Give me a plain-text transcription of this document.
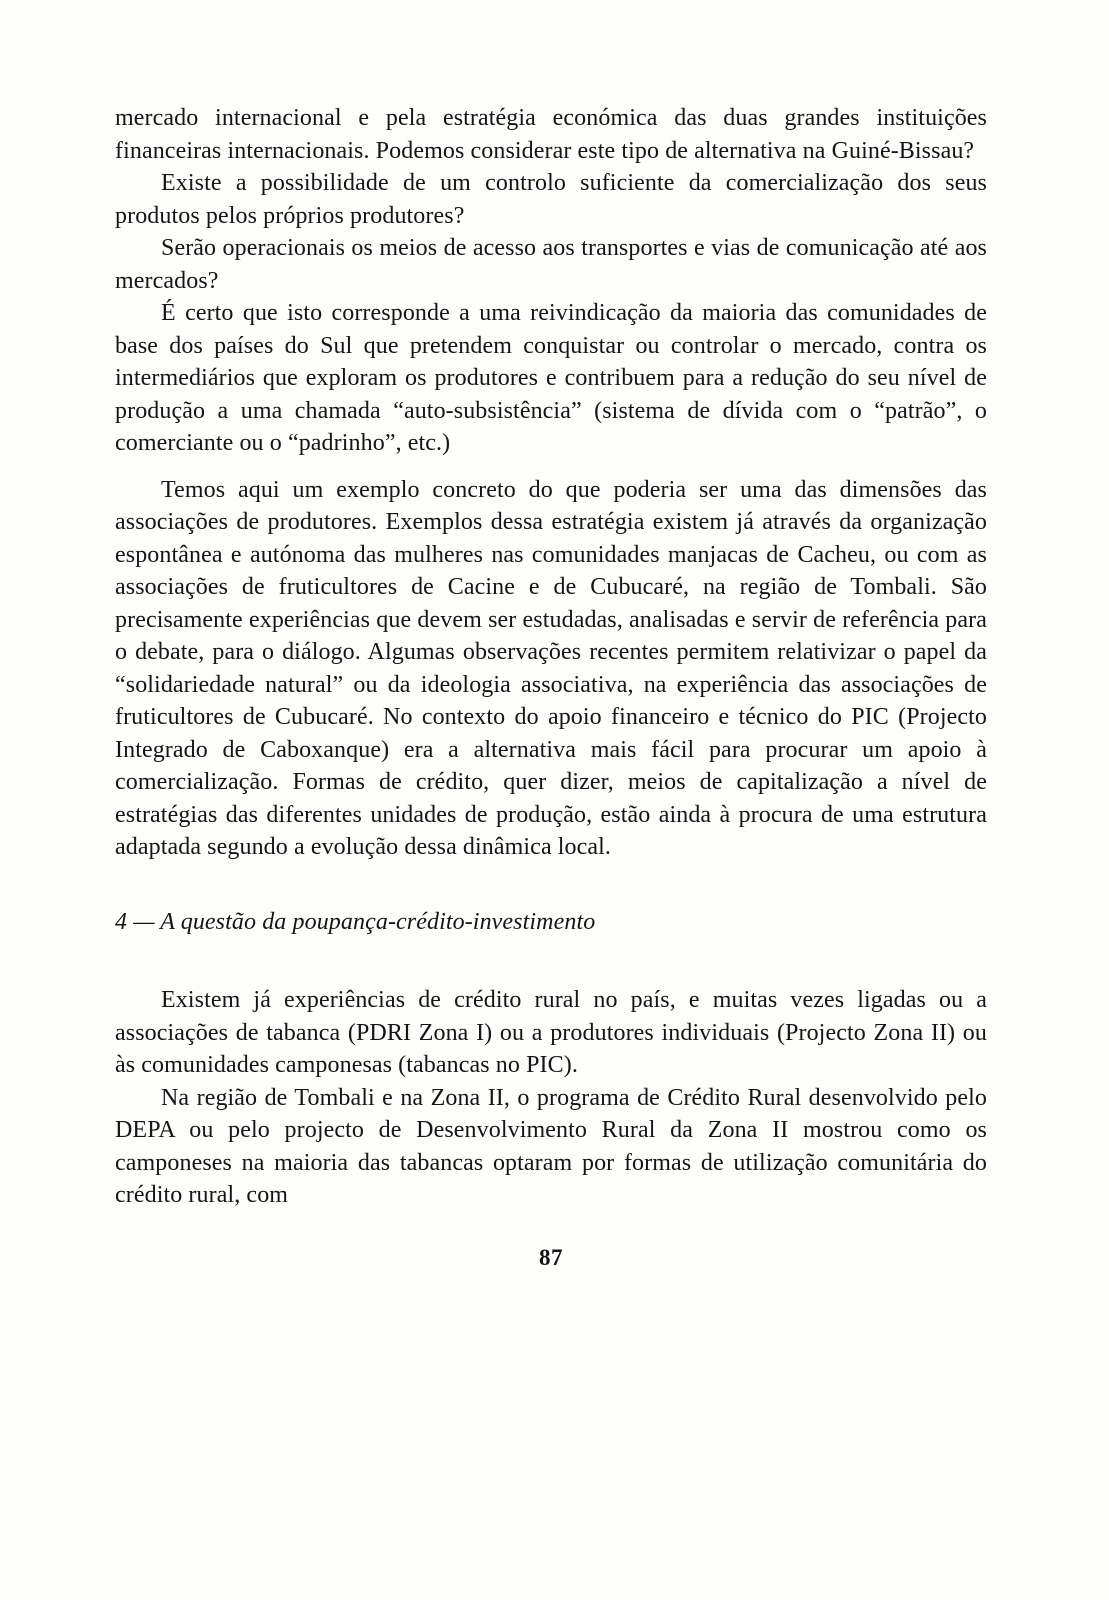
mercado internacional e pela estratégia económica das duas grandes instituições financeiras internacionais. Podemos considerar este tipo de alternativa na Guiné-Bissau?

Existe a possibilidade de um controlo suficiente da comercialização dos seus produtos pelos próprios produtores?

Serão operacionais os meios de acesso aos transportes e vias de comunicação até aos mercados?

É certo que isto corresponde a uma reivindicação da maioria das comunidades de base dos países do Sul que pretendem conquistar ou controlar o mercado, contra os intermediários que exploram os produtores e contribuem para a redução do seu nível de produção a uma chamada “auto-subsistência” (sistema de dívida com o “patrão”, o comerciante ou o “padrinho”, etc.)

Temos aqui um exemplo concreto do que poderia ser uma das dimensões das associações de produtores. Exemplos dessa estratégia existem já através da organização espontânea e autónoma das mulheres nas comunidades manjacas de Cacheu, ou com as associações de fruticultores de Cacine e de Cubucaré, na região de Tombali. São precisamente experiências que devem ser estudadas, analisadas e servir de referência para o debate, para o diálogo. Algumas observações recentes permitem relativizar o papel da “solidariedade natural” ou da ideologia associativa, na experiência das associações de fruticultores de Cubucaré. No contexto do apoio financeiro e técnico do PIC (Projecto Integrado de Caboxanque) era a alternativa mais fácil para procurar um apoio à comercialização. Formas de crédito, quer dizer, meios de capitalização a nível de estratégias das diferentes unidades de produção, estão ainda à procura de uma estrutura adaptada segundo a evolução dessa dinâmica local.

4 — A questão da poupança-crédito-investimento

Existem já experiências de crédito rural no país, e muitas vezes ligadas ou a associações de tabanca (PDRI Zona I) ou a produtores individuais (Projecto Zona II) ou às comunidades camponesas (tabancas no PIC).

Na região de Tombali e na Zona II, o programa de Crédito Rural desenvolvido pelo DEPA ou pelo projecto de Desenvolvimento Rural da Zona II mostrou como os camponeses na maioria das tabancas optaram por formas de utilização comunitária do crédito rural, com

87
